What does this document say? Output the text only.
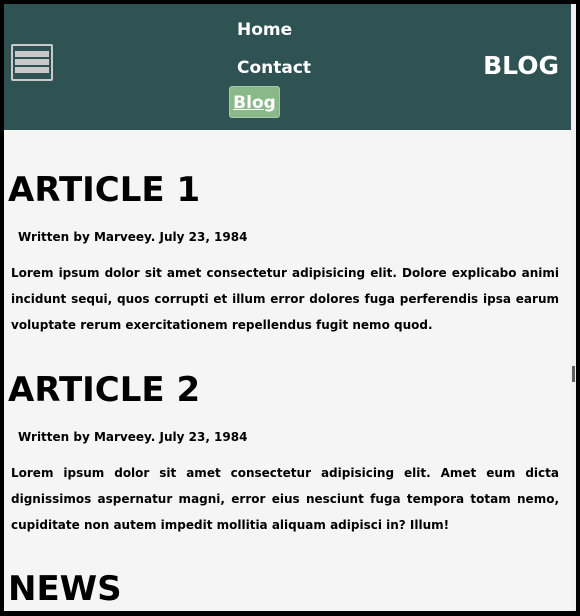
Home
Contact
Blog
BLOG
ARTICLE 1
Written by Marveey. July 23, 1984

Lorem ipsum dolor sit amet consectetur adipisicing elit. Dolore explicabo animi incidunt sequi, quos corrupti et illum error dolores fuga perferendis ipsa earum voluptate rerum exercitationem repellendus fugit nemo quod.

ARTICLE 2
Written by Marveey. July 23, 1984

Lorem ipsum dolor sit amet consectetur adipisicing elit. Amet eum dicta dignissimos aspernatur magni, error eius nesciunt fuga tempora totam nemo, cupiditate non autem impedit mollitia aliquam adipisci in? Illum!

NEWS
